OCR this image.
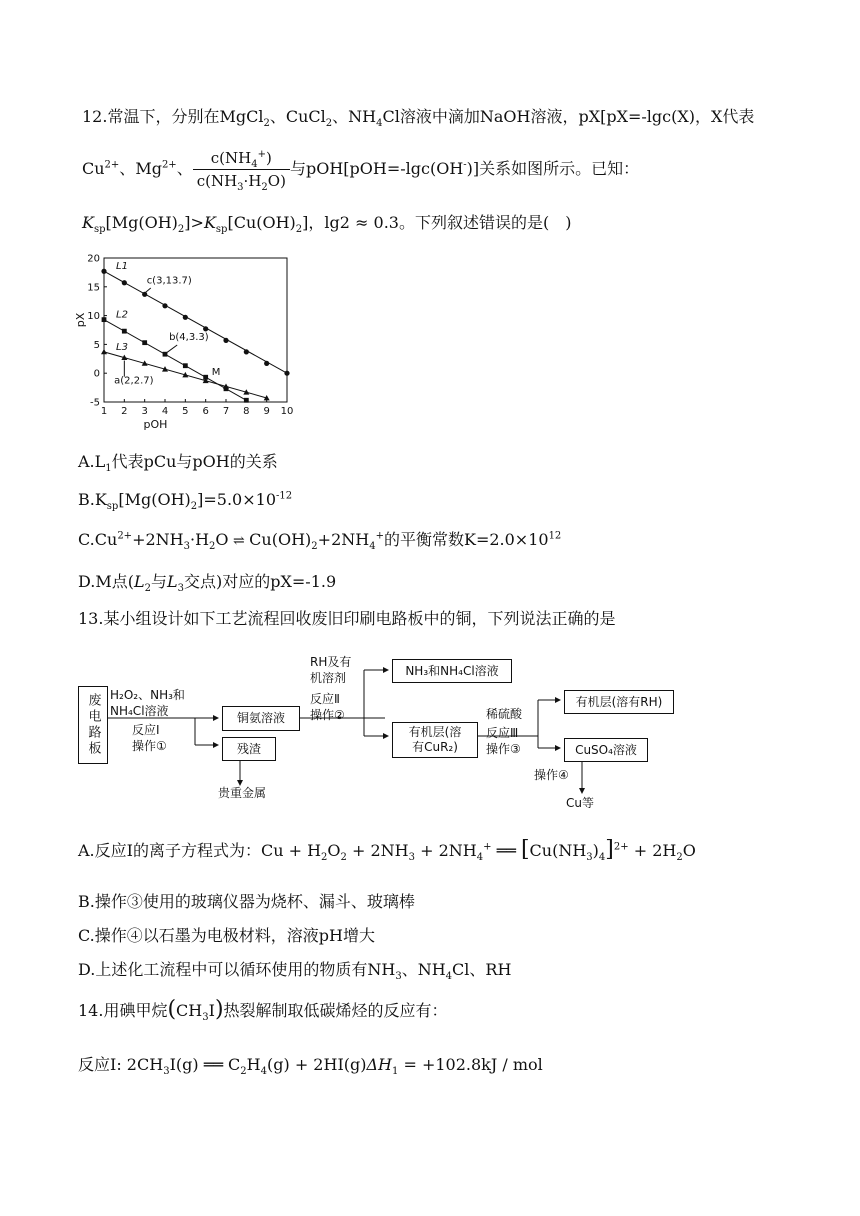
12.常温下，分别在MgCl$_2$、CuCl$_2$、$NH_4Cl$溶液中滴加NaOH溶液，pX[pX=-lgc(X)，X代表
$Cu^{2+}$、$Mg^{2+}$、 $\frac{c(NH_4^+)}{c(NH_3\cdot H_2O)}$ 与pOH[pOH=-lgc(OH-)]关系如图所示。已知：
$K_{sp}[Mg(OH)_2]>K_{sp}[Cu(OH)_2]$，lg2 ≈ 0.3。下列叙述错误的是(　)
1 2 3 4 5 6 7 8 9 10
20
15
10
5
0
-5
pOH
pX
L1
L2
L3
c(3,13.7)
b(4,3.3)
a(2,2.7)
M
$A.L_1$代表pCu与pOH的关系
$B.K_{sp}[Mg(OH)_2]=5.0\times 10^{-12}$
$C.Cu^{2+}+2NH_3\cdot H_2O$ ⇌ $Cu(OH)_2+2NH_4^+$的平衡常数$K=2.0\times 10^{12}$
D.M点($L_2$与$L_3$交点)对应的pX=-1.9
13.某小组设计如下工艺流程回收废旧印刷电路板中的铜，下列说法正确的是
废电路板 H₂O₂、NH₃和
NH₄Cl溶液
反应Ⅰ
操作①
铜氨溶液
残渣
贵重金属
RH及有
机溶剂
反应Ⅱ
操作②
NH₃和NH₄Cl溶液
有机层(溶
有CuR₂)
稀硫酸
反应Ⅲ
操作③
有机层(溶有RH)
CuSO₄溶液
操作④
Cu等
A.反应Ⅰ的离子方程式为：$Cu + H_2O_2 + 2NH_3 + 2NH_4^+$ ══ $[Cu(NH_3)_4]^{2+} + 2H_2O$
B.操作③使用的玻璃仪器为烧杯、漏斗、玻璃棒
C.操作④以石墨为电极材料，溶液pH增大
D.上述化工流程中可以循环使用的物质有$NH_3$、$NH_4Cl$、RH
14.用碘甲烷$(CH_3I)$热裂解制取低碳烯烃的反应有：
反应Ⅰ: $2CH_3I(g)$ ══ $C_2H_4(g) + 2HI(g)\Delta H_1 = +102.8kJ$ / mol
